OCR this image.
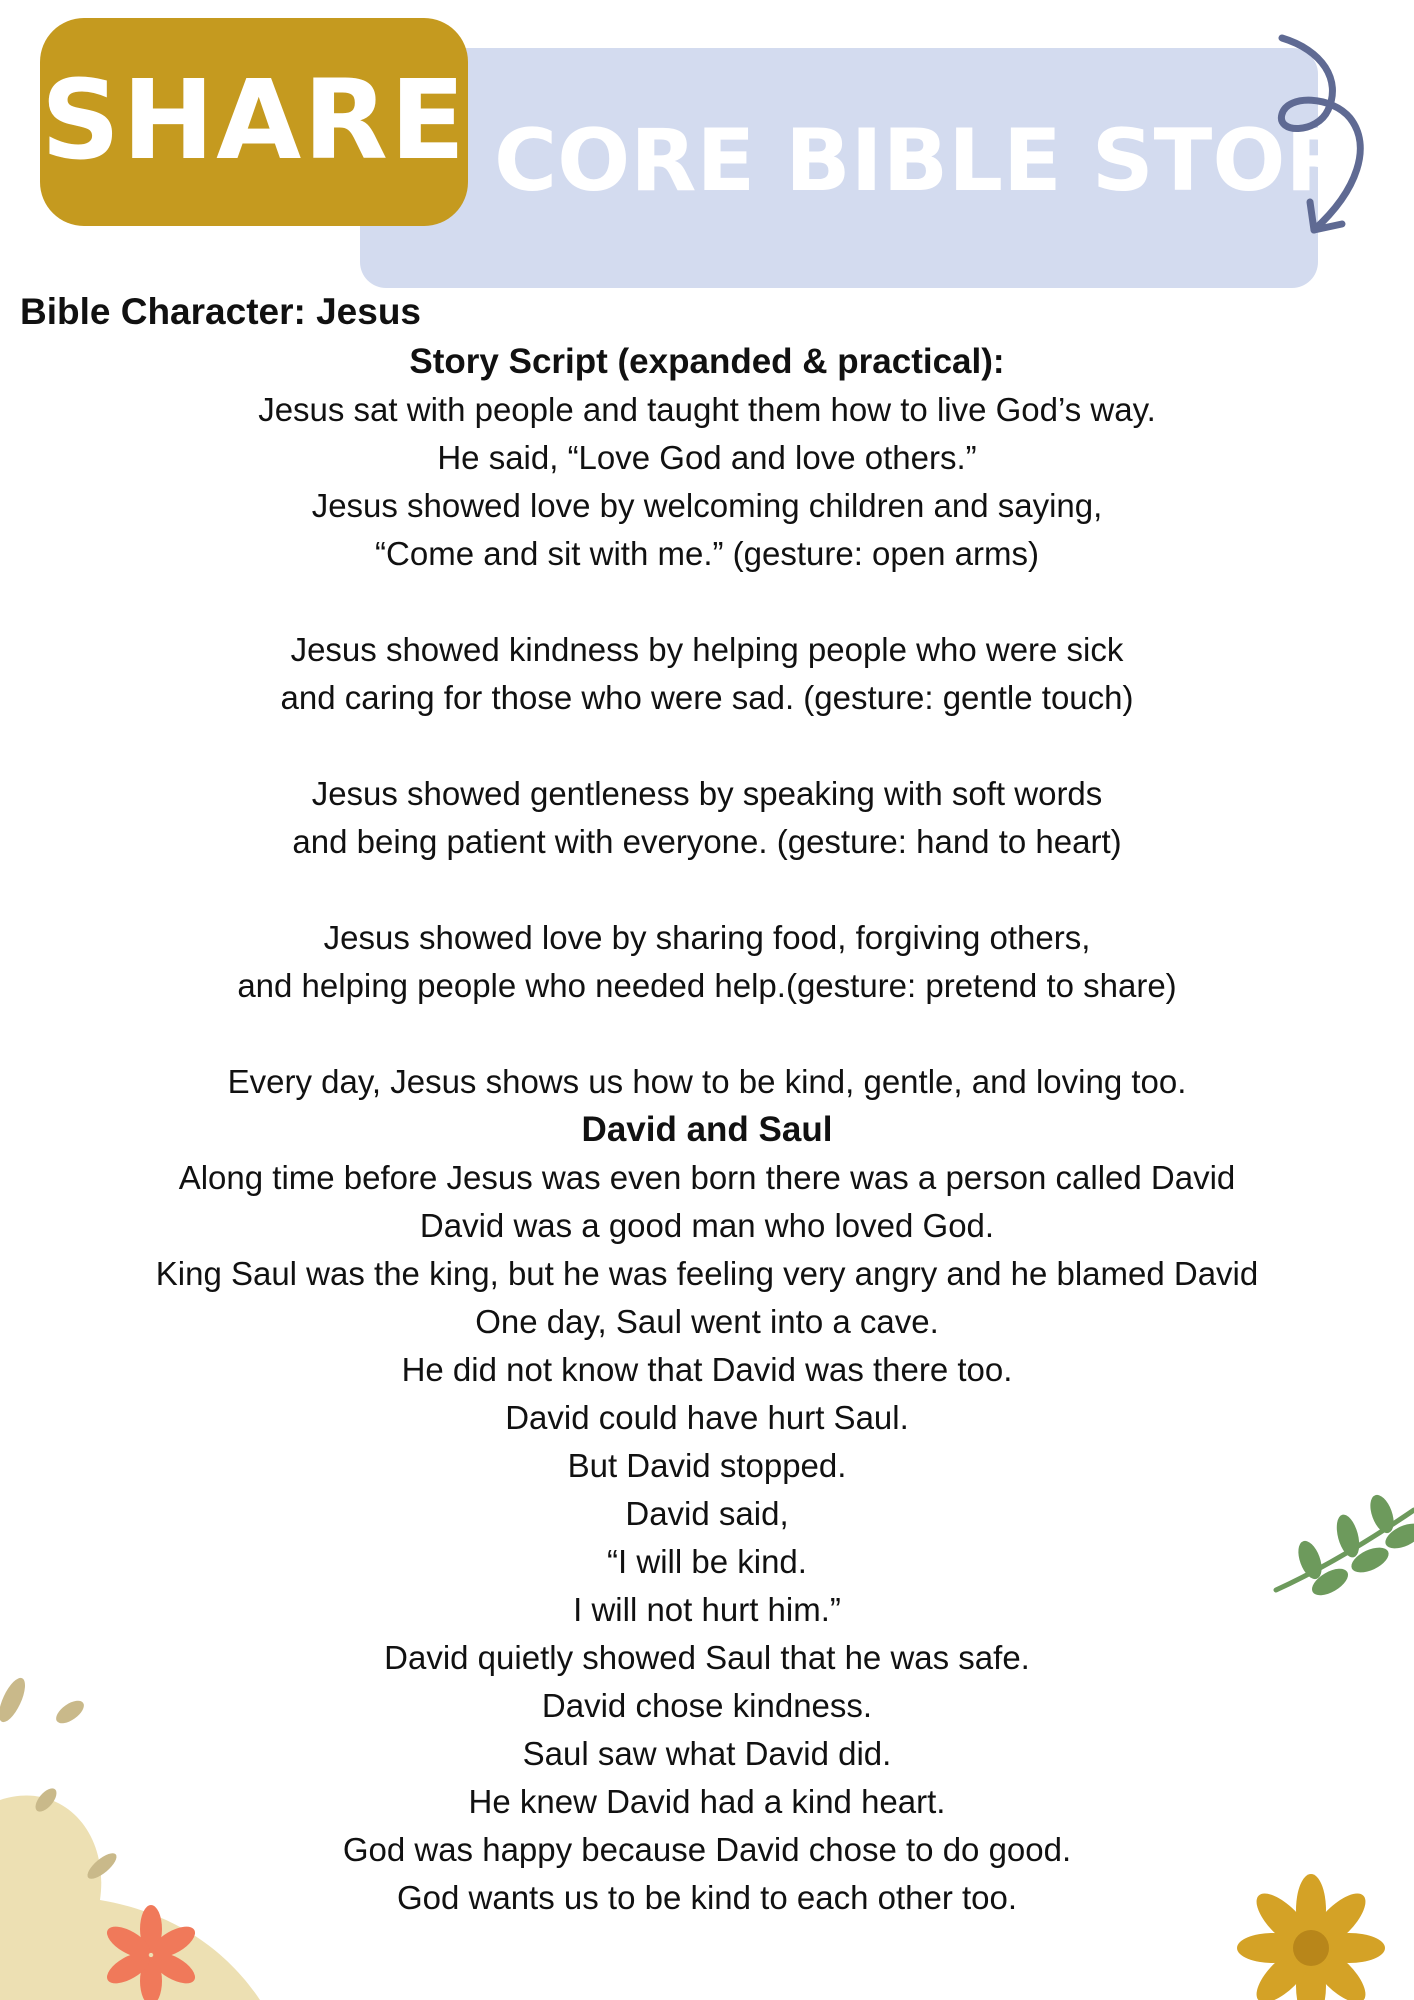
SHARE CORE BIBLE STORY
Bible Character: Jesus
Story Script (expanded & practical):
Jesus sat with people and taught them how to live God’s way.
He said, “Love God and love others.”
Jesus showed love by welcoming children and saying,
“Come and sit with me.” (gesture: open arms)
Jesus showed kindness by helping people who were sick
and caring for those who were sad. (gesture: gentle touch)
Jesus showed gentleness by speaking with soft words
and being patient with everyone. (gesture: hand to heart)
Jesus showed love by sharing food, forgiving others,
and helping people who needed help.(gesture: pretend to share)
Every day, Jesus shows us how to be kind, gentle, and loving too.
David and Saul
Along time before Jesus was even born there was a person called David
David was a good man who loved God.
King Saul was the king, but he was feeling very angry and he blamed David
One day, Saul went into a cave.
He did not know that David was there too.
David could have hurt Saul.
But David stopped.
David said,
“I will be kind.
I will not hurt him.”
David quietly showed Saul that he was safe.
David chose kindness.
Saul saw what David did.
He knew David had a kind heart.
God was happy because David chose to do good.
God wants us to be kind to each other too.
